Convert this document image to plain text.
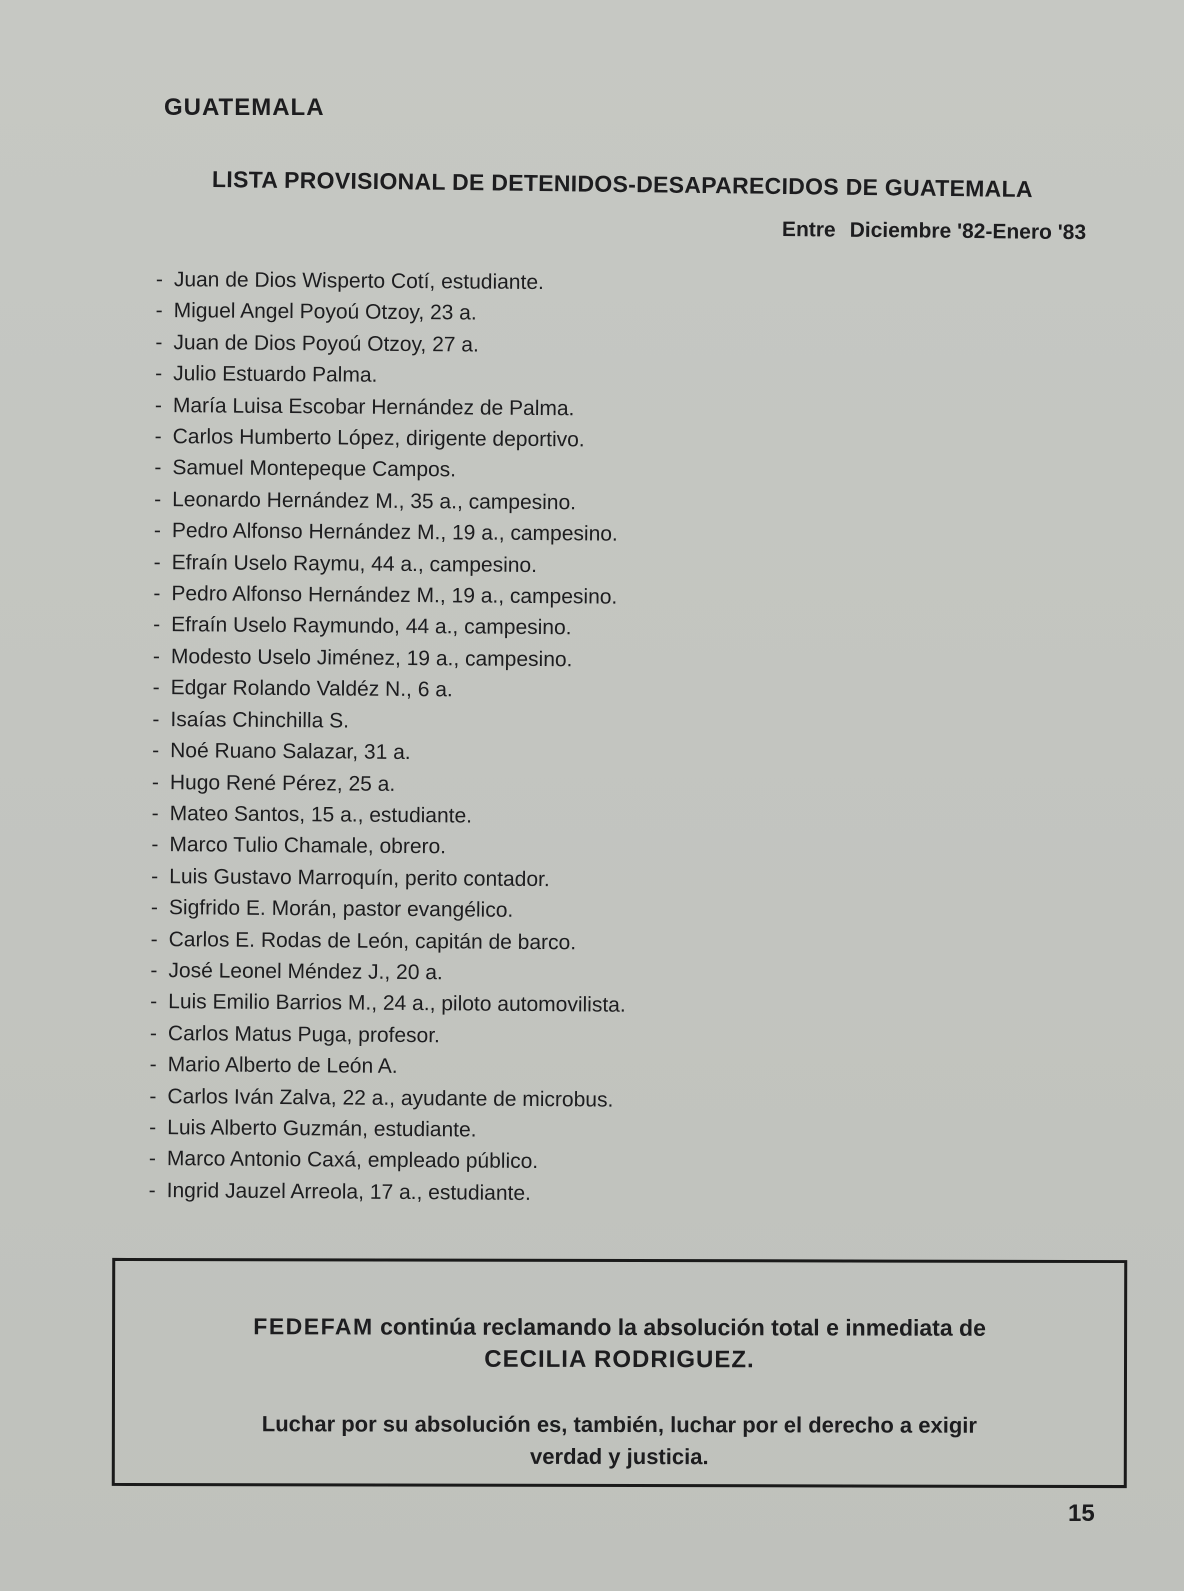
GUATEMALA
LISTA PROVISIONAL DE DETENIDOS-DESAPARECIDOS DE GUATEMALA
Entre Diciembre '82-Enero '83
- Juan de Dios Wisperto Cotí, estudiante.
- Miguel Angel Poyoú Otzoy, 23 a.
- Juan de Dios Poyoú Otzoy, 27 a.
- Julio Estuardo Palma.
- María Luisa Escobar Hernández de Palma.
- Carlos Humberto López, dirigente deportivo.
- Samuel Montepeque Campos.
- Leonardo Hernández M., 35 a., campesino.
- Pedro Alfonso Hernández M., 19 a., campesino.
- Efraín Uselo Raymu, 44 a., campesino.
- Pedro Alfonso Hernández M., 19 a., campesino.
- Efraín Uselo Raymundo, 44 a., campesino.
- Modesto Uselo Jiménez, 19 a., campesino.
- Edgar Rolando Valdéz N., 6 a.
- Isaías Chinchilla S.
- Noé Ruano Salazar, 31 a.
- Hugo René Pérez, 25 a.
- Mateo Santos, 15 a., estudiante.
- Marco Tulio Chamale, obrero.
- Luis Gustavo Marroquín, perito contador.
- Sigfrido E. Morán, pastor evangélico.
- Carlos E. Rodas de León, capitán de barco.
- José Leonel Méndez J., 20 a.
- Luis Emilio Barrios M., 24 a., piloto automovilista.
- Carlos Matus Puga, profesor.
- Mario Alberto de León A.
- Carlos Iván Zalva, 22 a., ayudante de microbus.
- Luis Alberto Guzmán, estudiante.
- Marco Antonio Caxá, empleado público.
- Ingrid Jauzel Arreola, 17 a., estudiante.

FEDEFAM continúa reclamando la absolución total e inmediata de

CECILIA RODRIGUEZ.

Luchar por su absolución es, también, luchar por el derecho a exigir

verdad y justicia.

15
